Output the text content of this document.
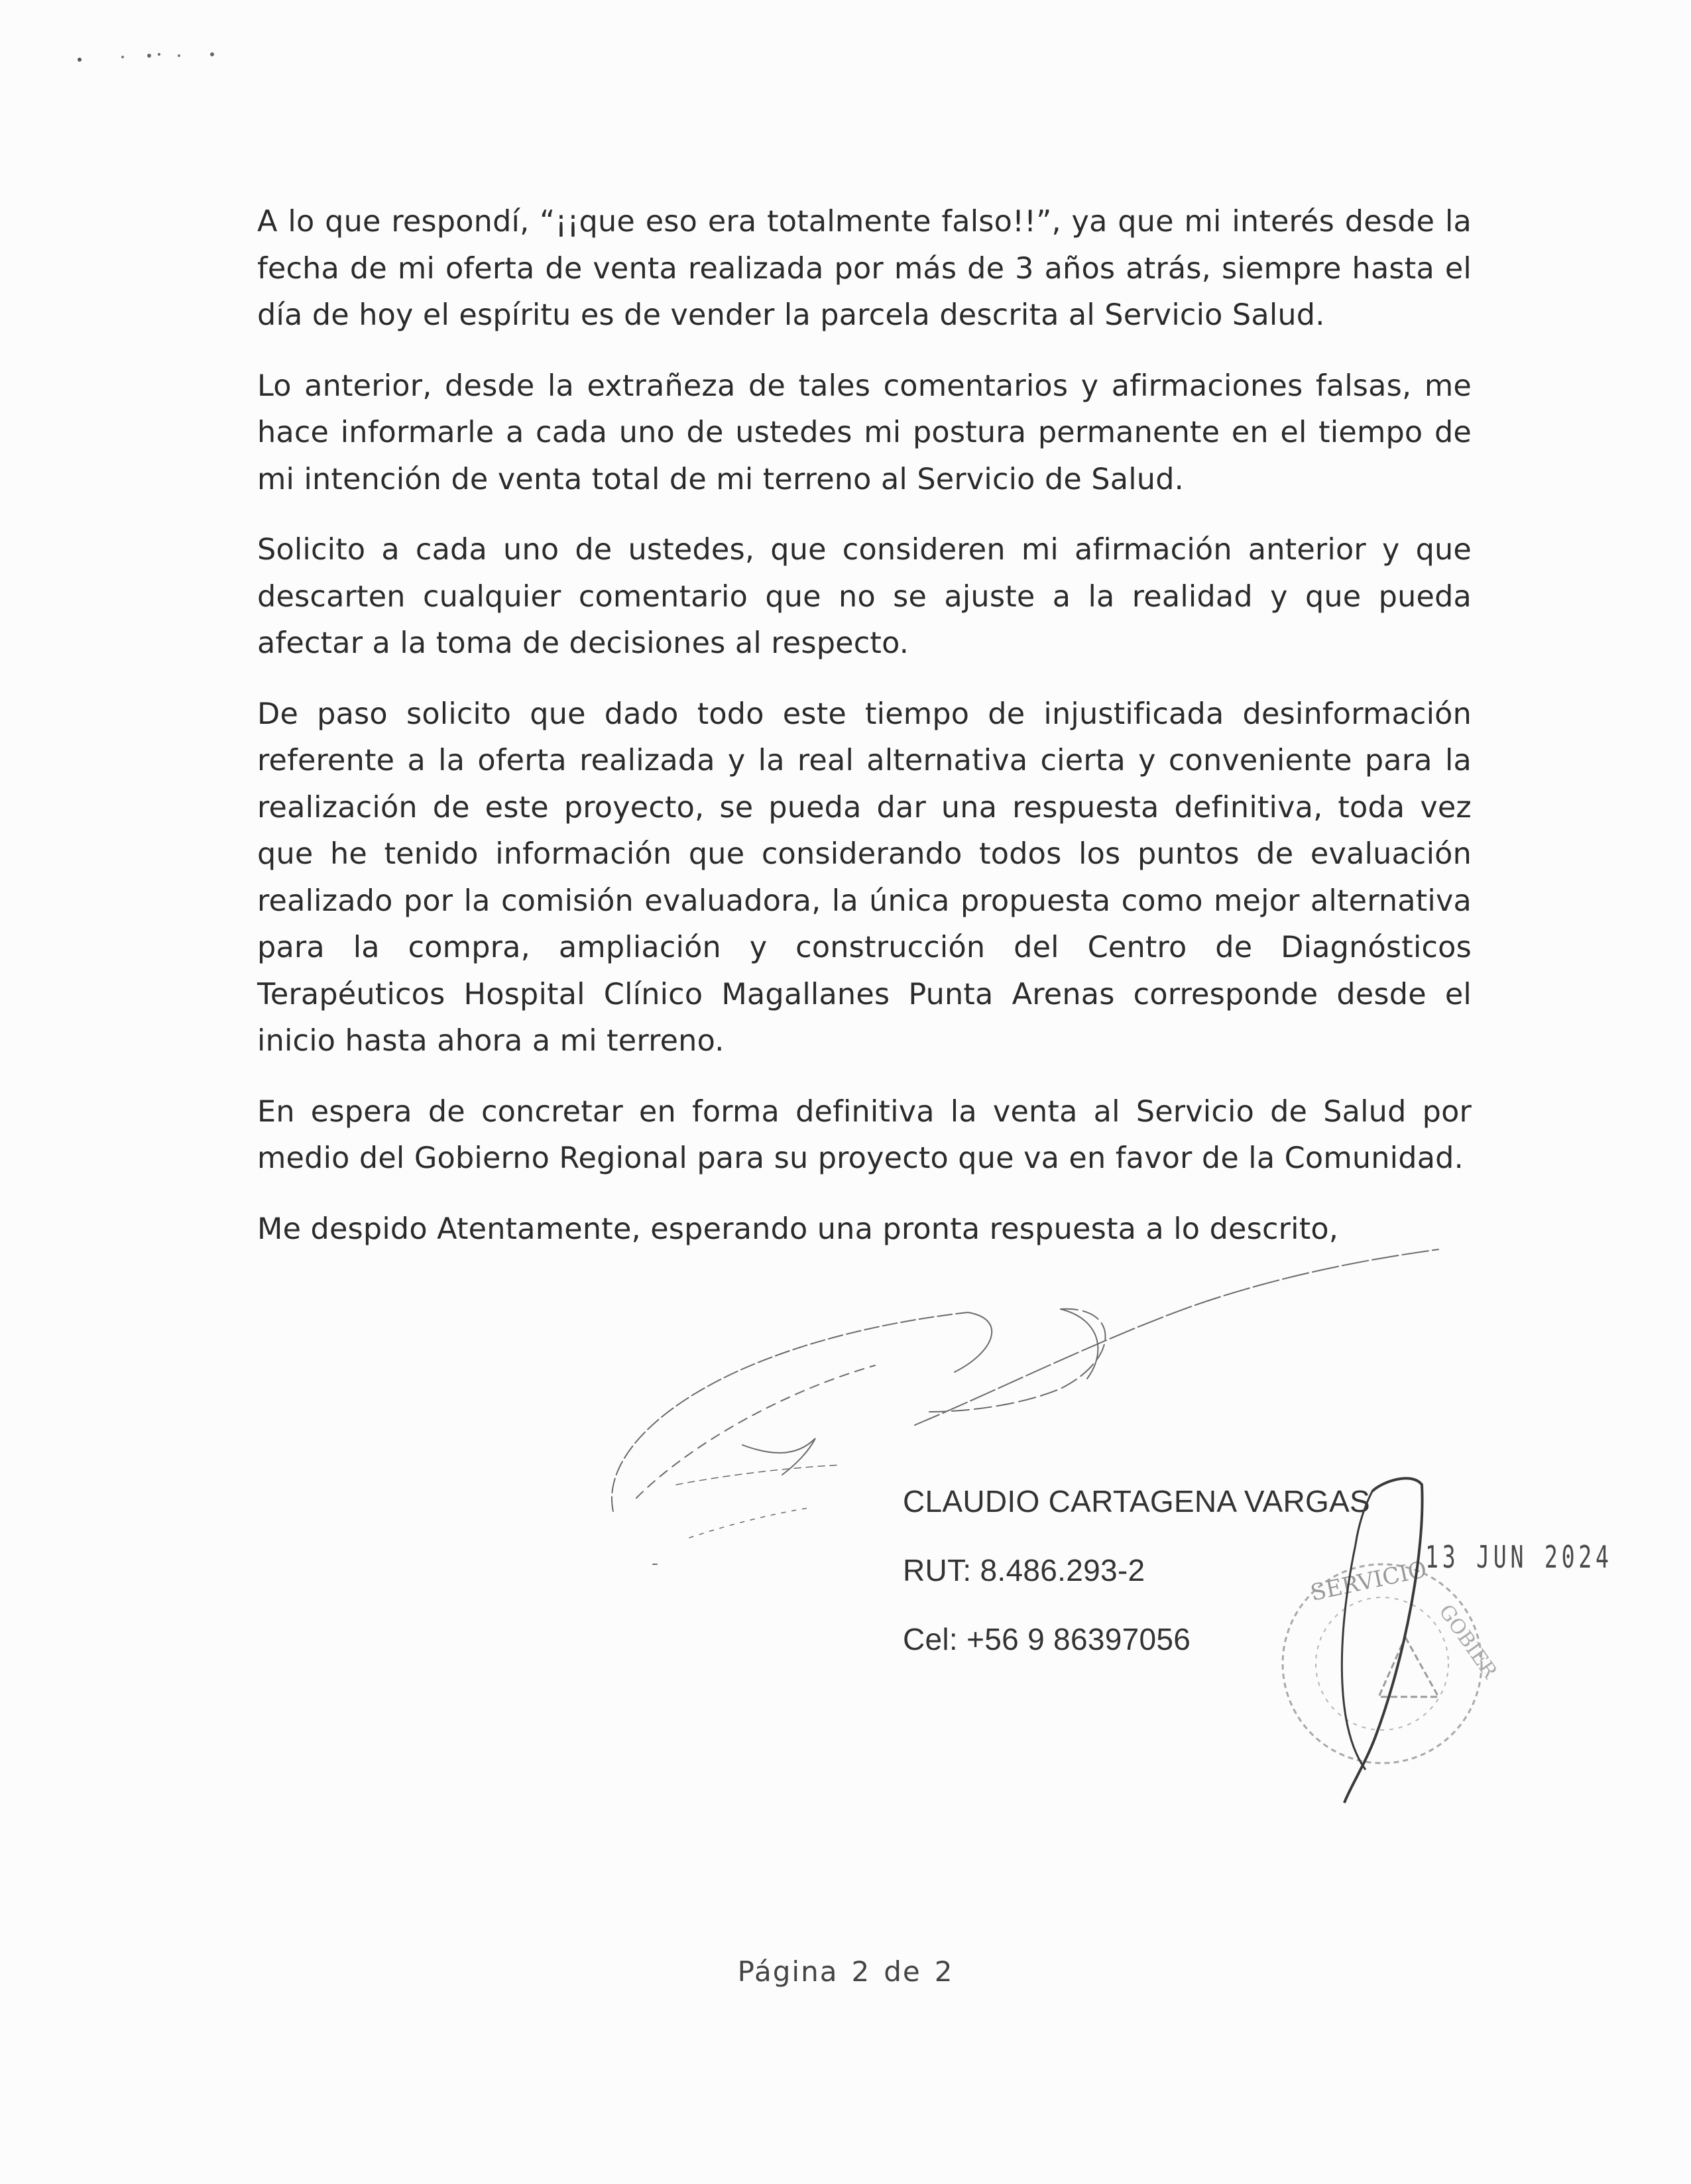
A lo que respondí, “¡¡que eso era totalmente falso!!”, ya que mi interés desde la fecha de mi oferta de venta realizada por más de 3 años atrás, siempre hasta el día de hoy el espíritu es de vender la parcela descrita al Servicio Salud.

Lo anterior, desde la extrañeza de tales comentarios y afirmaciones falsas, me hace informarle a cada uno de ustedes mi postura permanente en el tiempo de mi intención de venta total de mi terreno al Servicio de Salud.

Solicito a cada uno de ustedes, que consideren mi afirmación anterior y que descarten cualquier comentario que no se ajuste a la realidad y que pueda afectar a la toma de decisiones al respecto.

De paso solicito que dado todo este tiempo de injustificada desinformación referente a la oferta realizada y la real alternativa cierta y conveniente para la realización de este proyecto, se pueda dar una respuesta definitiva, toda vez que he tenido información que considerando todos los puntos de evaluación realizado por la comisión evaluadora, la única propuesta como mejor alternativa para la compra, ampliación y construcción del Centro de Diagnósticos Terapéuticos Hospital Clínico Magallanes Punta Arenas corresponde desde el inicio hasta ahora a mi terreno.

En espera de concretar en forma definitiva la venta al Servicio de Salud por medio del Gobierno Regional para su proyecto que va en favor de la Comunidad.

Me despido Atentamente, esperando una pronta respuesta a lo descrito,

CLAUDIO CARTAGENA VARGAS

RUT: 8.486.293-2

Cel: +56 9 86397056

SERVICIO
GOBIER
13 JUN 2024
Página 2 de 2
